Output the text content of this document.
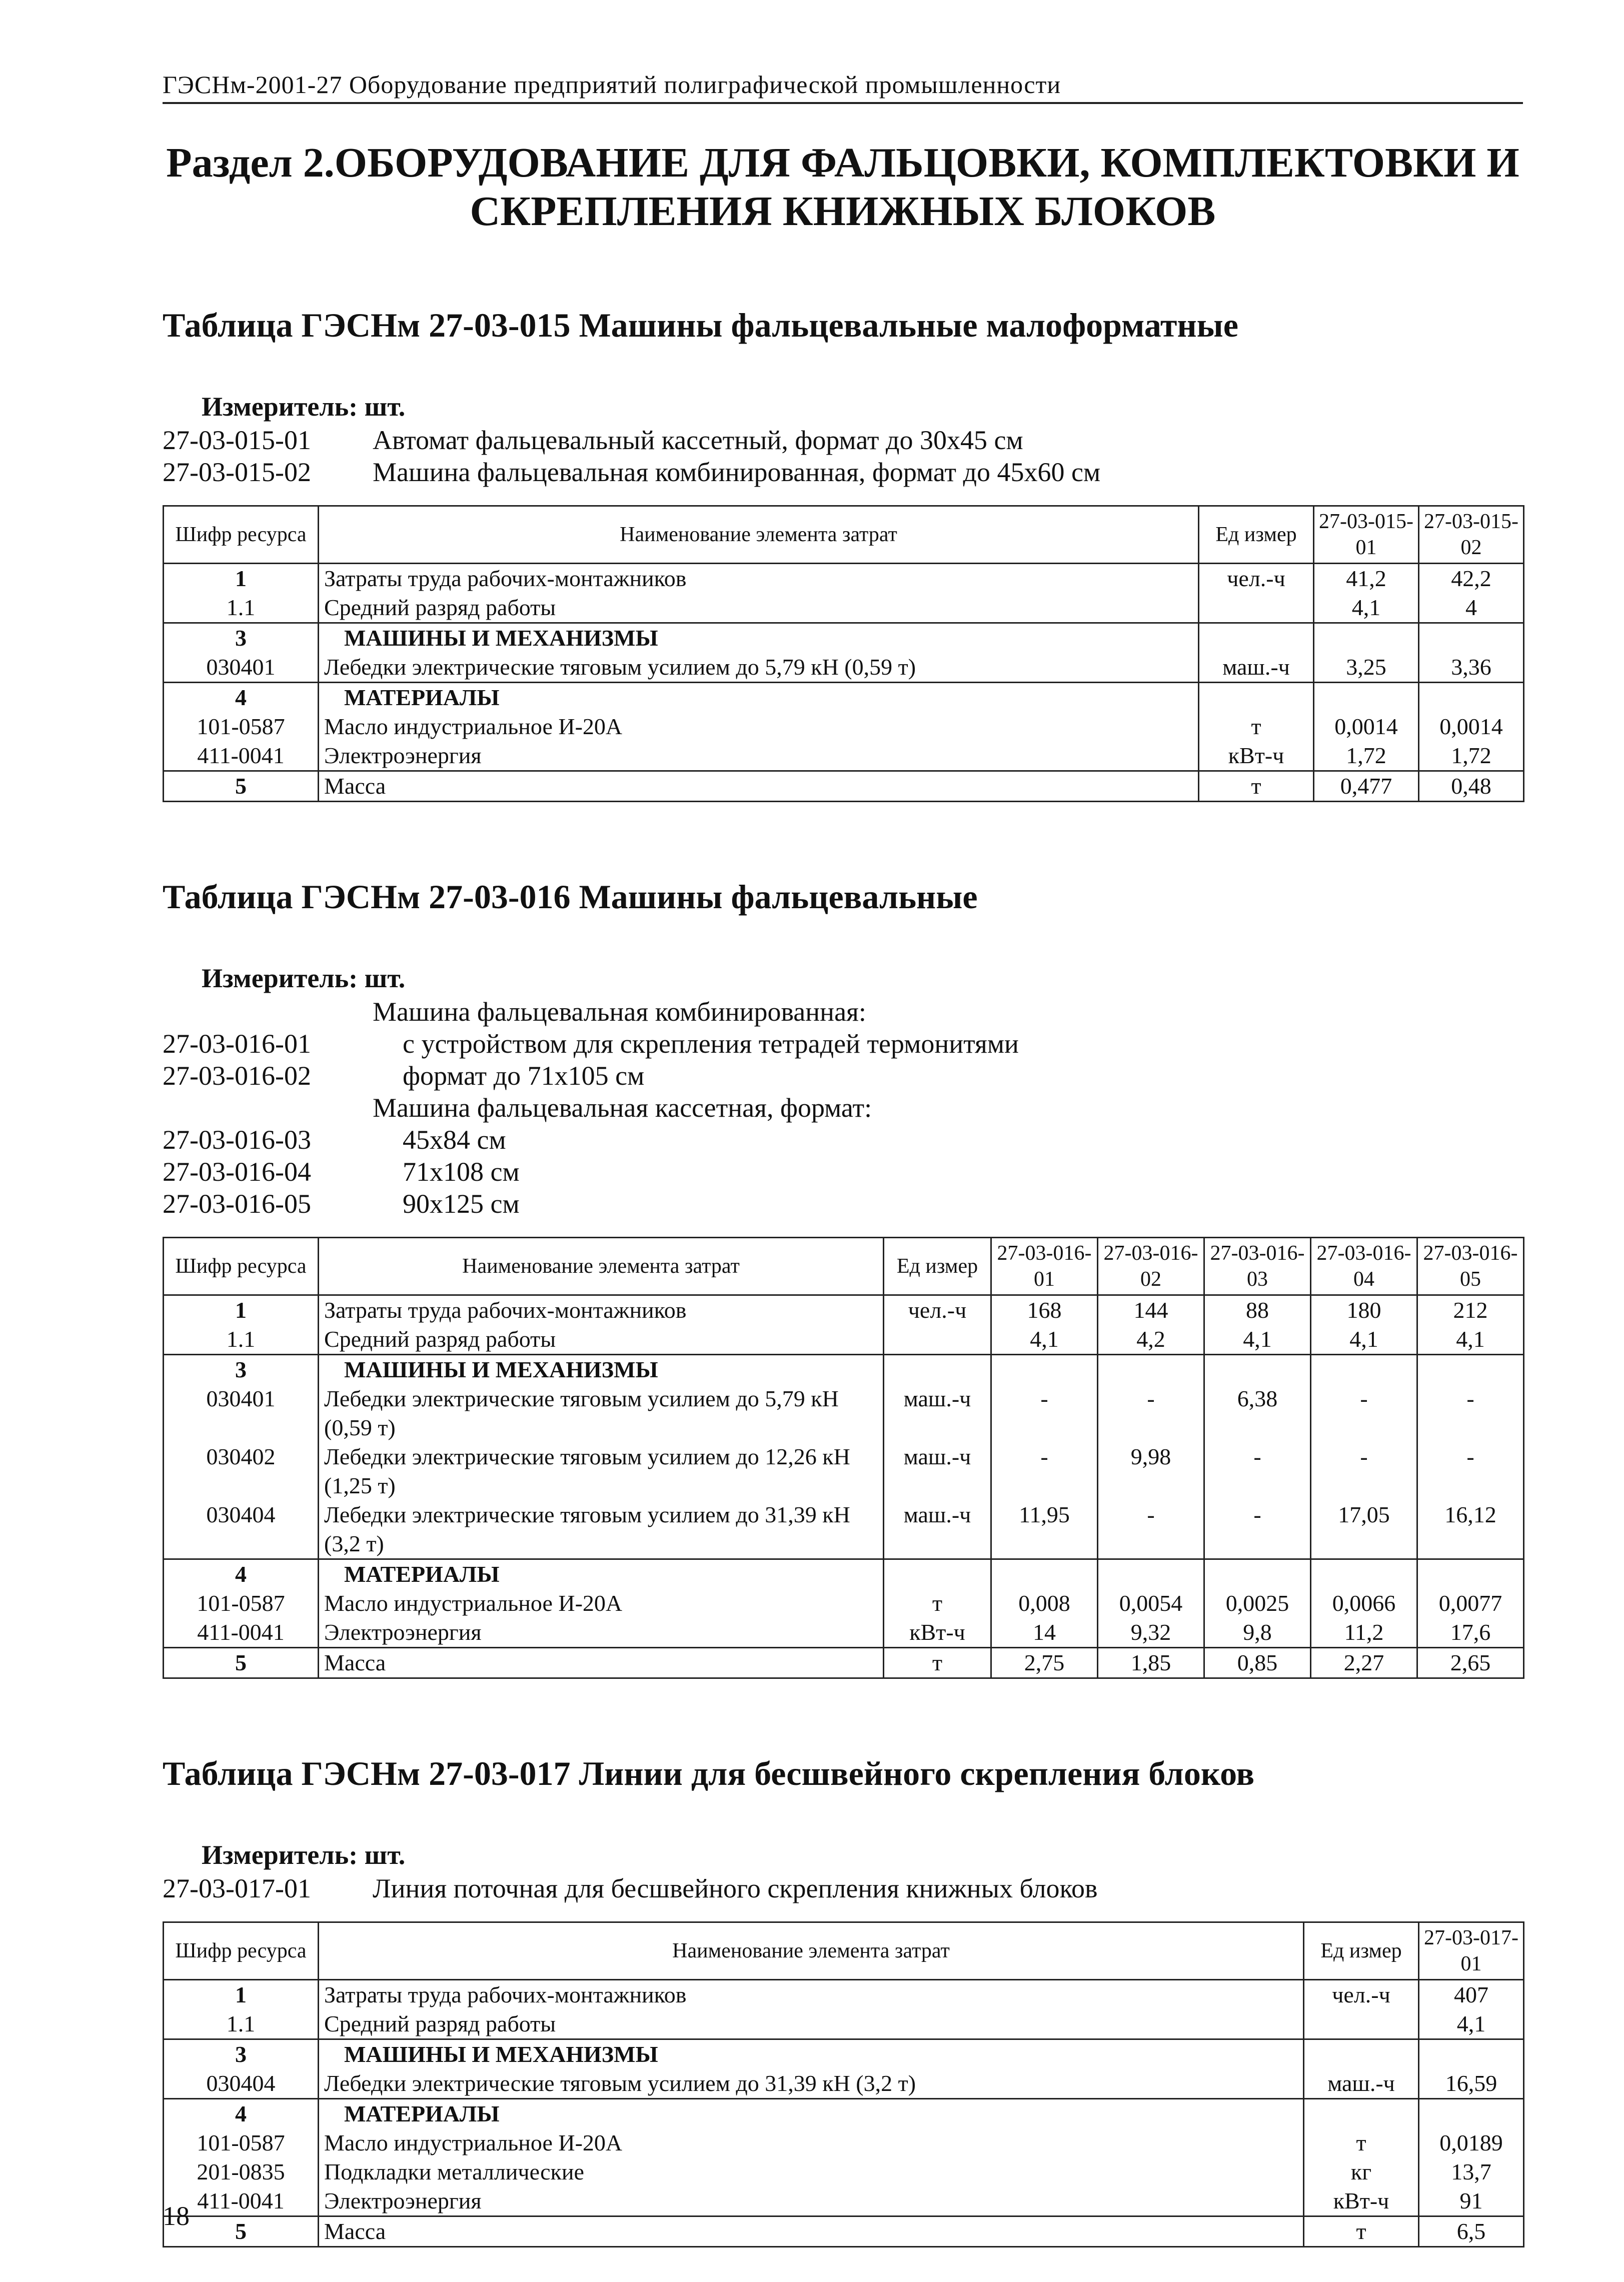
ГЭСНм-2001-27 Оборудование предприятий полиграфической промышленности
Раздел 2.ОБОРУДОВАНИЕ ДЛЯ ФАЛЬЦОВКИ, КОМПЛЕКТОВКИ И
СКРЕПЛЕНИЯ КНИЖНЫХ БЛОКОВ
Таблица ГЭСНм 27-03-015 Машины фальцевальные малоформатные
Измеритель: шт.
27-03-015-01	Автомат фальцевальный кассетный, формат до 30х45 см
27-03-015-02	Машина фальцевальная комбинированная, формат до 45х60 см
Шифр ресурса	Наименование элемента затрат	Ед измер	27-03-015-01	27-03-015-02
1	Затраты труда рабочих-монтажников	чел.-ч	41,2	42,2
1.1	Средний разряд работы		4,1	4
3	МАШИНЫ И МЕХАНИЗМЫ			
030401	Лебедки электрические тяговым усилием до 5,79 кН (0,59 т)	маш.-ч	3,25	3,36
4	МАТЕРИАЛЫ			
101-0587	Масло индустриальное И-20А	т	0,0014	0,0014
411-0041	Электроэнергия	кВт-ч	1,72	1,72
5	Масса	т	0,477	0,48
Таблица ГЭСНм 27-03-016 Машины фальцевальные
Измеритель: шт.
Машина фальцевальная комбинированная:
27-03-016-01	с устройством для скрепления тетрадей термонитями
27-03-016-02	формат до 71х105 см
Машина фальцевальная кассетная, формат:
27-03-016-03	45х84 см
27-03-016-04	71х108 см
27-03-016-05	90х125 см
Шифр ресурса	Наименование элемента затрат	Ед измер	27-03-016-01	27-03-016-02	27-03-016-03	27-03-016-04	27-03-016-05
1	Затраты труда рабочих-монтажников	чел.-ч	168	144	88	180	212
1.1	Средний разряд работы		4,1	4,2	4,1	4,1	4,1
3	МАШИНЫ И МЕХАНИЗМЫ						
030401	Лебедки электрические тяговым усилием до 5,79 кН (0,59 т)	маш.-ч	-	-	6,38	-	-
030402	Лебедки электрические тяговым усилием до 12,26 кН (1,25 т)	маш.-ч	-	9,98	-	-	-
030404	Лебедки электрические тяговым усилием до 31,39 кН (3,2 т)	маш.-ч	11,95	-	-	17,05	16,12
4	МАТЕРИАЛЫ						
101-0587	Масло индустриальное И-20А	т	0,008	0,0054	0,0025	0,0066	0,0077
411-0041	Электроэнергия	кВт-ч	14	9,32	9,8	11,2	17,6
5	Масса	т	2,75	1,85	0,85	2,27	2,65
Таблица ГЭСНм 27-03-017 Линии для бесшвейного скрепления блоков
Измеритель: шт.
27-03-017-01	Линия поточная для бесшвейного скрепления книжных блоков
Шифр ресурса	Наименование элемента затрат	Ед измер	27-03-017-01
1	Затраты труда рабочих-монтажников	чел.-ч	407
1.1	Средний разряд работы		4,1
3	МАШИНЫ И МЕХАНИЗМЫ		
030404	Лебедки электрические тяговым усилием до 31,39 кН (3,2 т)	маш.-ч	16,59
4	МАТЕРИАЛЫ		
101-0587	Масло индустриальное И-20А	т	0,0189
201-0835	Подкладки металлические	кг	13,7
411-0041	Электроэнергия	кВт-ч	91
5	Масса	т	6,5
18
